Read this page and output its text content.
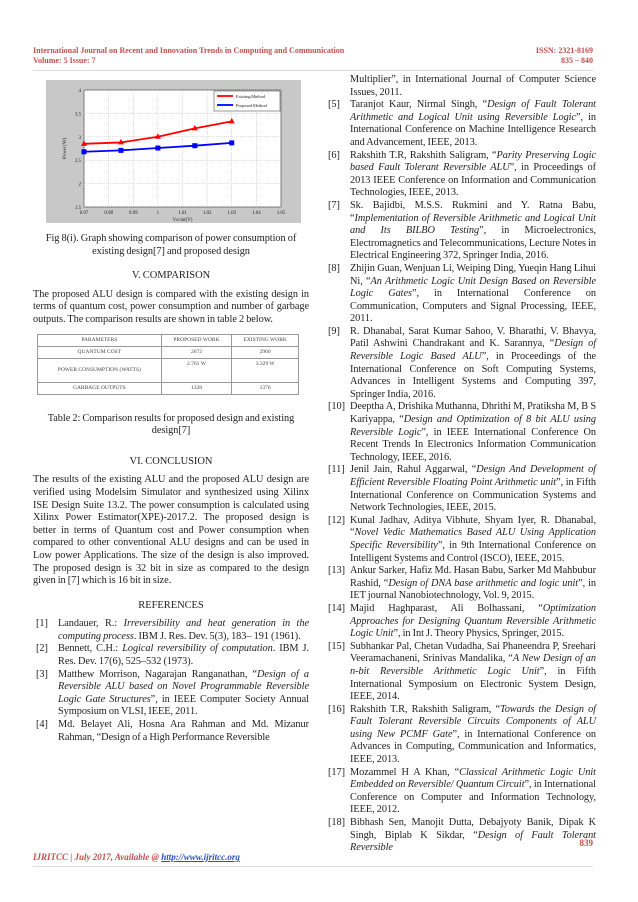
International Journal on Recent and Innovation Trends in Computing and Communication
Volume: 5 Issue: 7
ISSN: 2321-8169
835 – 840
0.97	0.98	0.99	1	1.01	1.02	1.03	1.04	1.05
1.5
2
2.5
3
3.5
4
Vccint(V)
Power (W)
Existing Method
Proposed Method
Fig 8(i). Graph showing comparison of power consumption of existing design[7] and proposed design
V. COMPARISON

The proposed ALU design is compared with the existing design in terms of quantum cost, power consumption and number of garbage outputs. The comparison results are shown in table 2 below.

PARAMETERS	PROPOSED WORK	EXISTING WORK
QUANTUM COST	2672	2960
POWER CONSUMPTION (WATTS)	2.761 W	3.329 W
GARBAGE OUTPUTS	1328	1376
Table 2: Comparison results for proposed design and existing design[7]
VI. CONCLUSION

The results of the existing ALU and the proposed ALU design are verified using Modelsim Simulator and synthesized using Xilinx ISE Design Suite 13.2. The power consumption is calculated using Xilinx Power Estimator(XPE)-2017.2. The proposed design is better in terms of Quantum cost and Power consumption when compared to other conventional ALU designs and can be used in Low power Applications. The size of the design is also improved. The proposed design is 32 bit in size as compared to the design given in [7] which is 16 bit in size.

REFERENCES
[1] Landauer, R.: Irreversibility and heat generation in the computing process. IBM J. Res. Dev. 5(3), 183– 191 (1961).
[2] Bennett, C.H.: Logical reversibility of computation. IBM J. Res. Dev. 17(6), 525–532 (1973).
[3] Matthew Morrison, Nagarajan Ranganathan, “Design of a Reversible ALU based on Novel Programmable Reversible Logic Gate Structures”, in IEEE Computer Society Annual Symposium on VLSI, IEEE, 2011.
[4] Md. Belayet Ali, Hosna Ara Rahman and Md. Mizanur Rahman, “Design of a High Performance Reversible

Multiplier”, in International Journal of Computer Science Issues, 2011.

[5] Taranjot Kaur, Nirmal Singh, “Design of Fault Tolerant Arithmetic and Logical Unit using Reversible Logic”, in International Conference on Machine Intelligence Research and Advancement, IEEE, 2013.
[6] Rakshith T.R, Rakshith Saligram, “Parity Preserving Logic based Fault Tolerant Reversible ALU”, in Proceedings of 2013 IEEE Conference on Information and Communication Technologies, IEEE, 2013.
[7] Sk. Bajidbi, M.S.S. Rukmini and Y. Ratna Babu, “Implementation of Reversible Arithmetic and Logical Unit and Its BILBO Testing”, in Microelectronics, Electromagnetics and Telecommunications, Lecture Notes in Electrical Engineering 372, Springer India, 2016.
[8] Zhijin Guan, Wenjuan Li, Weiping Ding, Yueqin Hang Lihui Ni, “An Arithmetic Logic Unit Design Based on Reversible Logic Gates”, in International Conference on Communication, Computers and Signal Processing, IEEE, 2011.
[9] R. Dhanabal, Sarat Kumar Sahoo, V. Bharathi, V. Bhavya, Patil Ashwini Chandrakant and K. Sarannya, “Design of Reversible Logic Based ALU”, in Proceedings of the International Conference on Soft Computing Systems, Advances in Intelligent Systems and Computing 397, Springer India, 2016.
[10] Deeptha A, Drishika Muthanna, Dhrithi M, Pratiksha M, B S Kariyappa, “Design and Optimization of 8 bit ALU using Reversible Logic”, in IEEE International Conference On Recent Trends In Electronics Information Communication Technology, IEEE, 2016.
[11] Jenil Jain, Rahul Aggarwal, “Design And Development of Efficient Reversible Floating Point Arithmetic unit”, in Fifth International Conference on Communication Systems and Network Technologies, IEEE, 2015.
[12] Kunal Jadhav, Aditya Vibhute, Shyam Iyer, R. Dhanabal, “Novel Vedic Mathematics Based ALU Using Application Specific Reversibility”, in 9th International Conference on Intelligent Systems and Control (ISCO), IEEE, 2015.
[13] Ankur Sarker, Hafiz Md. Hasan Babu, Sarker Md Mahbubur Rashid, “Design of DNA base arithmetic and logic unit”, in IET journal Nanobiotechnology, Vol. 9, 2015.
[14] Majid Haghparast, Ali Bolhassani, “Optimization Approaches for Designing Quantum Reversible Arithmetic Logic Unit”, in Int J. Theory Physics, Springer, 2015.
[15] Subhankar Pal, Chetan Vudadha, Sai Phaneendra P, Sreehari Veeramachaneni, Srinivas Mandalika, “A New Design of an n-bit Reversible Arithmetic Logic Unit”, in Fifth International Symposium on Electronic System Design, IEEE, 2014.
[16] Rakshith T.R, Rakshith Saligram, “Towards the Design of Fault Tolerant Reversible Circuits Components of ALU using New PCMF Gate”, in International Conference on Advances in Computing, Communication and Informatics, IEEE, 2013.
[17] Mozammel H A Khan, “Classical Arithmetic Logic Unit Embedded on Reversible/ Quantum Circuit”, in International Conference on Computer and Information Technology, IEEE, 2012.
[18] Bibhash Sen, Manojit Dutta, Debajyoty Banik, Dipak K Singh, Biplab K Sikdar, “Design of Fault Tolerant Reversible	839
IJRITCC | July 2017, Available @ http://www.ijritcc.org
